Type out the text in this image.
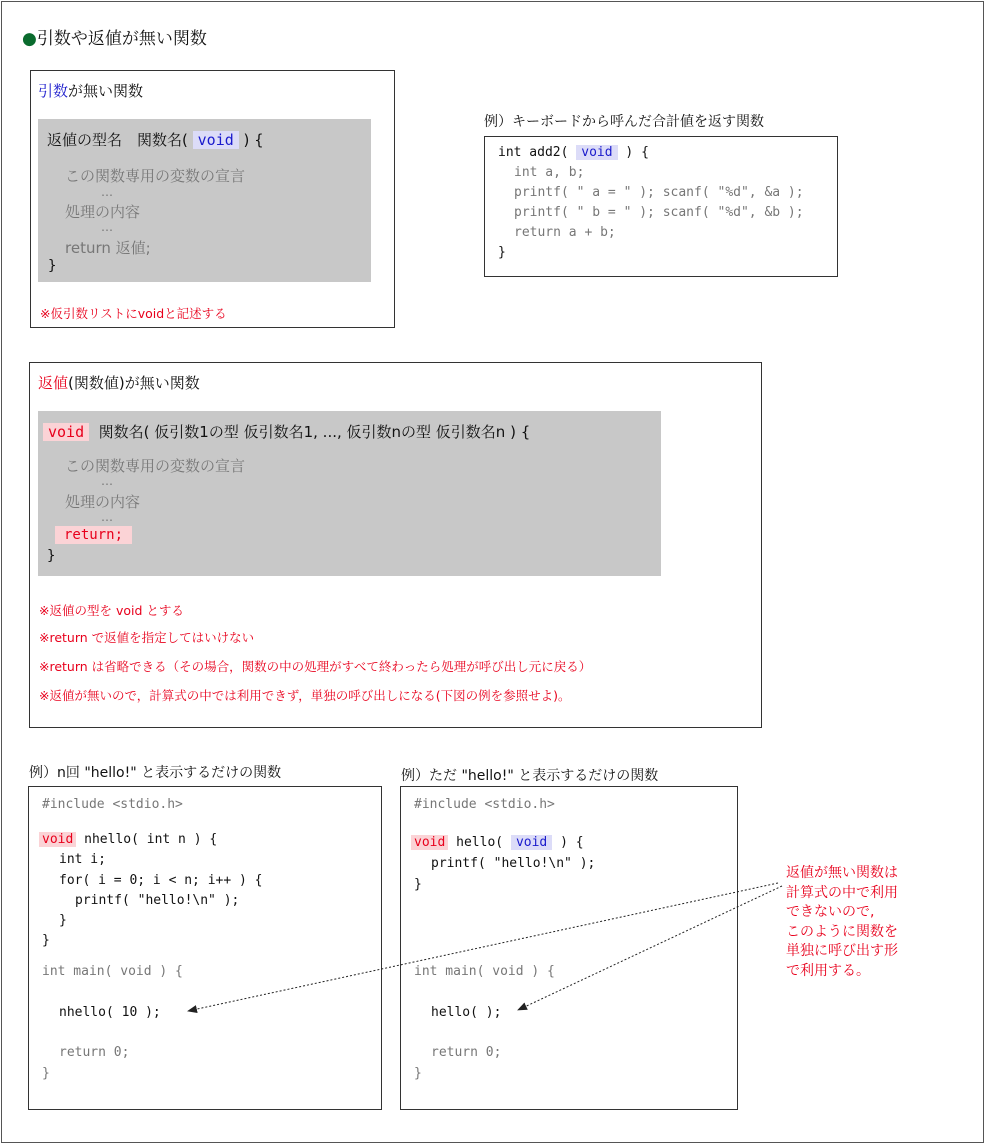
●引数や返値が無い関数
引数が無い関数
返値の型名　関数名( void ) {
この関数専用の変数の宣言
…
処理の内容
…
return 返値;
}
※仮引数リストにvoidと記述する
例）キーボードから呼んだ合計値を返す関数
int add2( void ) {
int a, b;
printf( " a = " ); scanf( "%d", &a );
printf( " b = " ); scanf( "%d", &b );
return a + b;
}
返値(関数値)が無い関数
void 関数名( 仮引数1の型 仮引数名1, ..., 仮引数nの型 仮引数名n ) {
この関数専用の変数の宣言
…
処理の内容
…
return;
}
※返値の型を void とする
※return で返値を指定してはいけない
※return は省略できる（その場合，関数の中の処理がすべて終わったら処理が呼び出し元に戻る）
※返値が無いので，計算式の中では利用できず，単独の呼び出しになる(下図の例を参照せよ)。
例）n回 "hello!" と表示するだけの関数
#include <stdio.h>
void nhello( int n ) {
int i;
for( i = 0; i < n; i++ ) {
printf( "hello!\n" );
}
}
int main( void ) {
nhello( 10 );
return 0;
}
例）ただ "hello!" と表示するだけの関数
#include <stdio.h>
void hello( void ) {
printf( "hello!\n" );
}
int main( void ) {
hello( );
return 0;
}
返値が無い関数は
計算式の中で利用
できないので,
このように関数を
単独に呼び出す形
で利用する。
